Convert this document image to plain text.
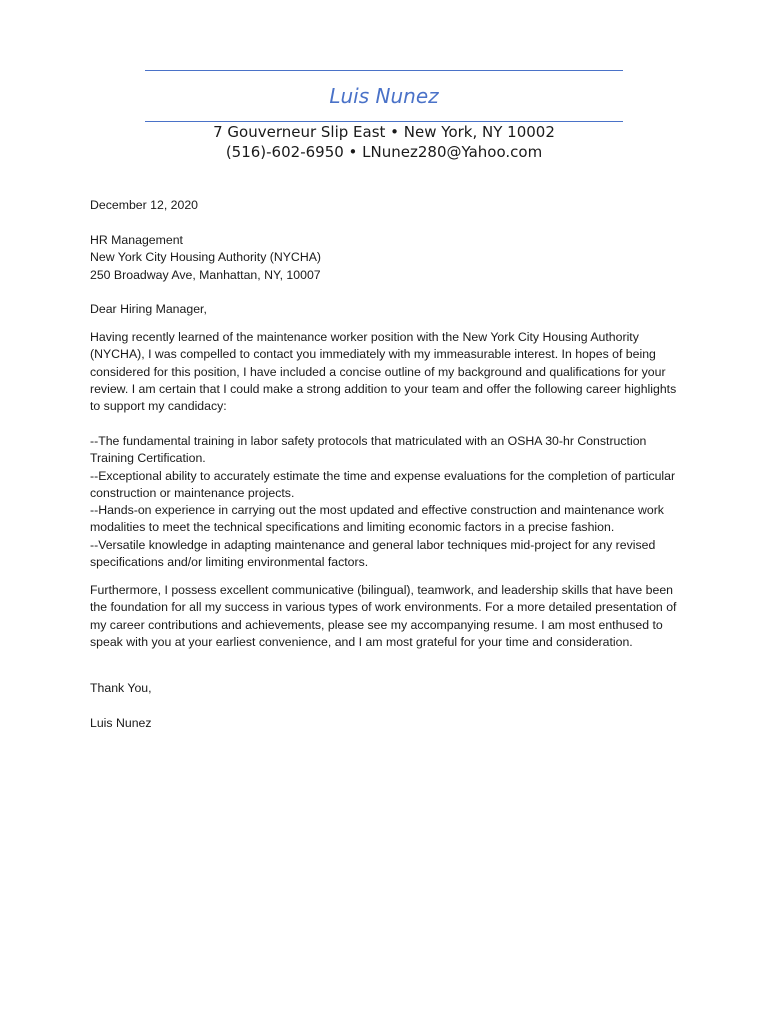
Luis Nunez
7 Gouverneur Slip East • New York, NY 10002
(516)-602-6950 • LNunez280@Yahoo.com
December 12, 2020

HR Management

New York City Housing Authority (NYCHA)

250 Broadway Ave, Manhattan, NY, 10007

Dear Hiring Manager,
Having recently learned of the maintenance worker position with the New York City Housing Authority (NYCHA), I was compelled to contact you immediately with my immeasurable interest. In hopes of being considered for this position, I have included a concise outline of my background and qualifications for your review. I am certain that I could make a strong addition to your team and offer the following career highlights to support my candidacy:

--The fundamental training in labor safety protocols that matriculated with an OSHA 30-hr Construction Training Certification.

--Exceptional ability to accurately estimate the time and expense evaluations for the completion of particular construction or maintenance projects.

--Hands-on experience in carrying out the most updated and effective construction and maintenance work modalities to meet the technical specifications and limiting economic factors in a precise fashion.

--Versatile knowledge in adapting maintenance and general labor techniques mid-project for any revised specifications and/or limiting environmental factors.

Furthermore, I possess excellent communicative (bilingual), teamwork, and leadership skills that have been the foundation for all my success in various types of work environments. For a more detailed presentation of my career contributions and achievements, please see my accompanying resume. I am most enthused to speak with you at your earliest convenience, and I am most grateful for your time and consideration.
Thank You,
Luis Nunez
